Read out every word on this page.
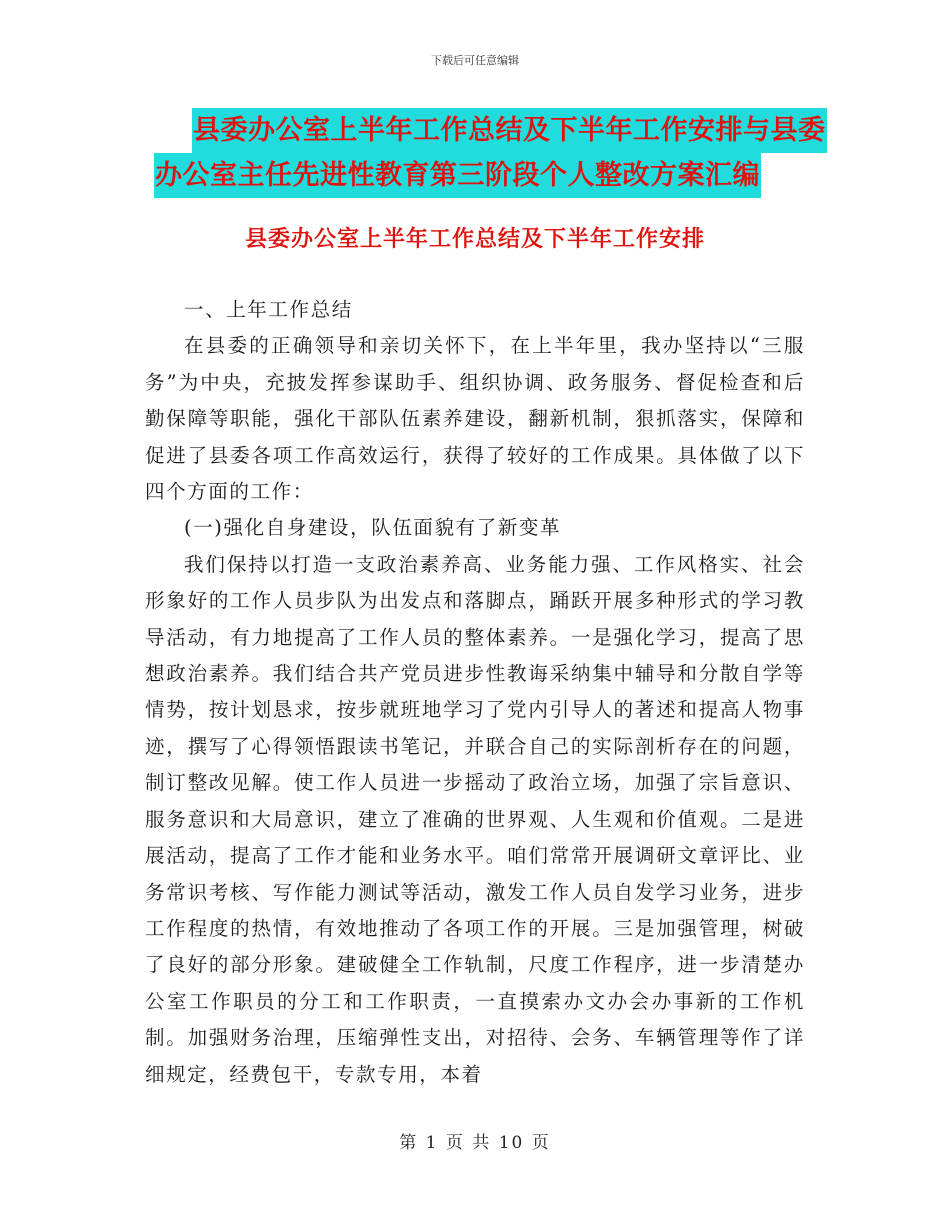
下载后可任意编辑
县委办公室上半年工作总结及下半年工作安排与县委
办公室主任先进性教育第三阶段个人整改方案汇编
县委办公室上半年工作总结及下半年工作安排

一、上年工作总结

在县委的正确领导和亲切关怀下，在上半年里，我办坚持以“三服务”为中央，充披发挥参谋助手、组织协调、政务服务、督促检查和后勤保障等职能，强化干部队伍素养建设，翻新机制，狠抓落实，保障和促进了县委各项工作高效运行，获得了较好的工作成果。具体做了以下四个方面的工作：

(一)强化自身建设，队伍面貌有了新变革

我们保持以打造一支政治素养高、业务能力强、工作风格实、社会形象好的工作人员步队为出发点和落脚点，踊跃开展多种形式的学习教导活动，有力地提高了工作人员的整体素养。一是强化学习，提高了思想政治素养。我们结合共产党员进步性教诲采纳集中辅导和分散自学等情势，按计划恳求，按步就班地学习了党内引导人的著述和提高人物事迹，撰写了心得领悟跟读书笔记，并联合自己的实际剖析存在的问题，制订整改见解。使工作人员进一步摇动了政治立场，加强了宗旨意识、服务意识和大局意识，建立了准确的世界观、人生观和价值观。二是进展活动，提高了工作才能和业务水平。咱们常常开展调研文章评比、业务常识考核、写作能力测试等活动，激发工作人员自发学习业务，进步工作程度的热情，有效地推动了各项工作的开展。三是加强管理，树破了良好的部分形象。建破健全工作轨制，尺度工作程序，进一步清楚办公室工作职员的分工和工作职责，一直摸索办文办会办事新的工作机制。加强财务治理，压缩弹性支出，对招待、会务、车辆管理等作了详细规定，经费包干，专款专用，本着

第 1 页 共 10 页
